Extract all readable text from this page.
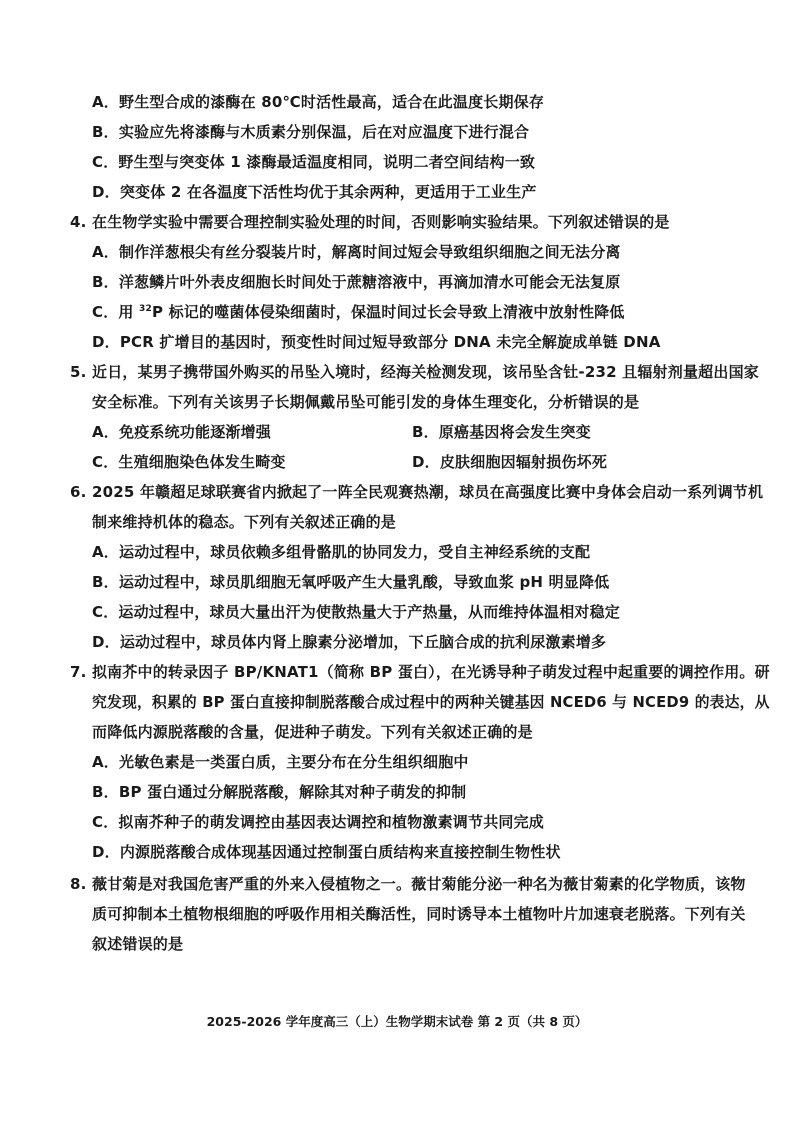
A．野生型合成的漆酶在 80℃时活性最高，适合在此温度长期保存
B．实验应先将漆酶与木质素分别保温，后在对应温度下进行混合
C．野生型与突变体 1 漆酶最适温度相同，说明二者空间结构一致
D．突变体 2 在各温度下活性均优于其余两种，更适用于工业生产
4. 在生物学实验中需要合理控制实验处理的时间，否则影响实验结果。下列叙述错误的是
A．制作洋葱根尖有丝分裂装片时，解离时间过短会导致组织细胞之间无法分离
B．洋葱鳞片叶外表皮细胞长时间处于蔗糖溶液中，再滴加清水可能会无法复原
C．用 $^{32}$P 标记的噬菌体侵染细菌时，保温时间过长会导致上清液中放射性降低
D．PCR 扩增目的基因时，预变性时间过短导致部分 DNA 未完全解旋成单链 DNA
5. 近日，某男子携带国外购买的吊坠入境时，经海关检测发现，该吊坠含钍-232 且辐射剂量超出国家
安全标准。下列有关该男子长期佩戴吊坠可能引发的身体生理变化，分析错误的是
A．免疫系统功能逐渐增强	B．原癌基因将会发生突变
C．生殖细胞染色体发生畸变	D．皮肤细胞因辐射损伤坏死
6. 2025 年赣超足球联赛省内掀起了一阵全民观赛热潮，球员在高强度比赛中身体会启动一系列调节机
制来维持机体的稳态。下列有关叙述正确的是
A．运动过程中，球员依赖多组骨骼肌的协同发力，受自主神经系统的支配
B．运动过程中，球员肌细胞无氧呼吸产生大量乳酸，导致血浆 pH 明显降低
C．运动过程中，球员大量出汗为使散热量大于产热量，从而维持体温相对稳定
D．运动过程中，球员体内肾上腺素分泌增加，下丘脑合成的抗利尿激素增多
7. 拟南芥中的转录因子 BP/KNAT1（简称 BP 蛋白），在光诱导种子萌发过程中起重要的调控作用。研
究发现，积累的 BP 蛋白直接抑制脱落酸合成过程中的两种关键基因 NCED6 与 NCED9 的表达，从
而降低内源脱落酸的含量，促进种子萌发。下列有关叙述正确的是
A．光敏色素是一类蛋白质，主要分布在分生组织细胞中
B．BP 蛋白通过分解脱落酸，解除其对种子萌发的抑制
C．拟南芥种子的萌发调控由基因表达调控和植物激素调节共同完成
D．内源脱落酸合成体现基因通过控制蛋白质结构来直接控制生物性状
8. 薇甘菊是对我国危害严重的外来入侵植物之一。薇甘菊能分泌一种名为薇甘菊素的化学物质，该物
质可抑制本土植物根细胞的呼吸作用相关酶活性，同时诱导本土植物叶片加速衰老脱落。下列有关
叙述错误的是
2025-2026 学年度高三（上）生物学期末试卷 第 2 页（共 8 页）
